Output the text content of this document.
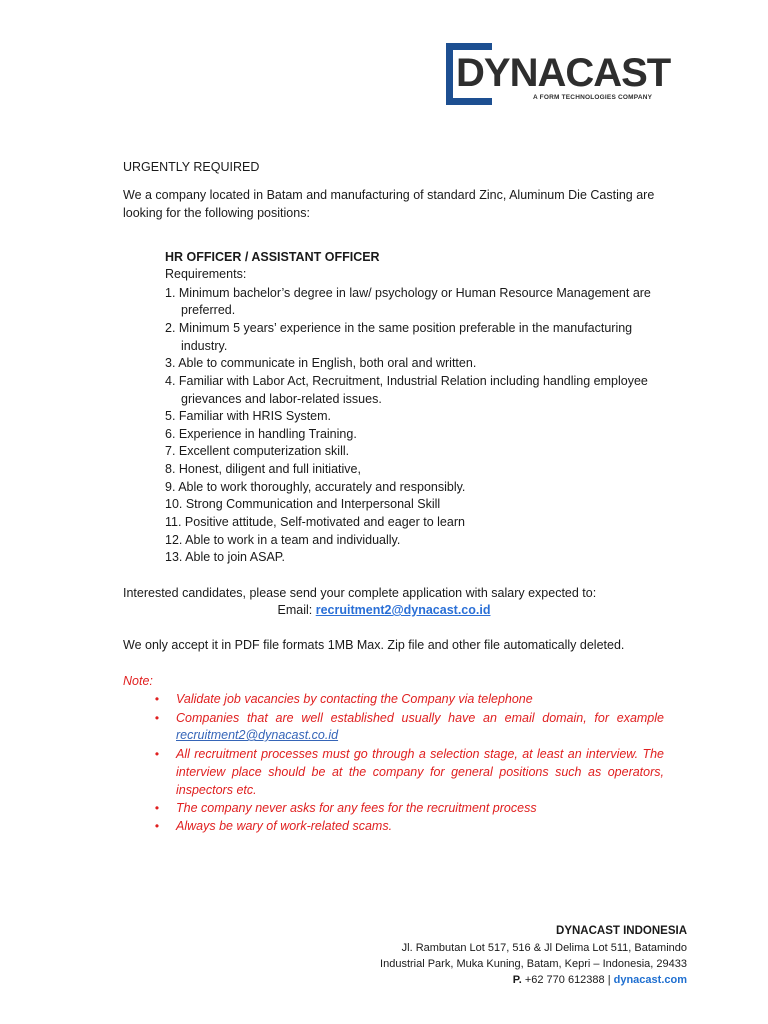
DYNACAST
A FORM TECHNOLOGIES COMPANY
URGENTLY REQUIRED
We a company located in Batam and manufacturing of standard Zinc, Aluminum Die Casting are
looking for the following positions:
HR OFFICER / ASSISTANT OFFICER
Requirements:
1. Minimum bachelor’s degree in law/ psychology or Human Resource Management are
preferred.
2. Minimum 5 years’ experience in the same position preferable in the manufacturing
industry.
3. Able to communicate in English, both oral and written.
4. Familiar with Labor Act, Recruitment, Industrial Relation including handling employee
grievances and labor-related issues.
5. Familiar with HRIS System.
6. Experience in handling Training.
7. Excellent computerization skill.
8. Honest, diligent and full initiative,
9. Able to work thoroughly, accurately and responsibly.
10. Strong Communication and Interpersonal Skill
11. Positive attitude, Self-motivated and eager to learn
12. Able to work in a team and individually.
13. Able to join ASAP.
Interested candidates, please send your complete application with salary expected to:
Email: recruitment2@dynacast.co.id
We only accept it in PDF file formats 1MB Max. Zip file and other file automatically deleted.
Note:
• Validate job vacancies by contacting the Company via telephone
• Companies that are well established usually have an email domain, for example
recruitment2@dynacast.co.id
• All recruitment processes must go through a selection stage, at least an interview. The interview place should be at the company for general positions such as operators, inspectors etc.
• The company never asks for any fees for the recruitment process
• Always be wary of work-related scams.
DYNACAST INDONESIA
Jl. Rambutan Lot 517, 516 & Jl Delima Lot 511, Batamindo
Industrial Park, Muka Kuning, Batam, Kepri – Indonesia, 29433
P. +62 770 612388 | dynacast.com
